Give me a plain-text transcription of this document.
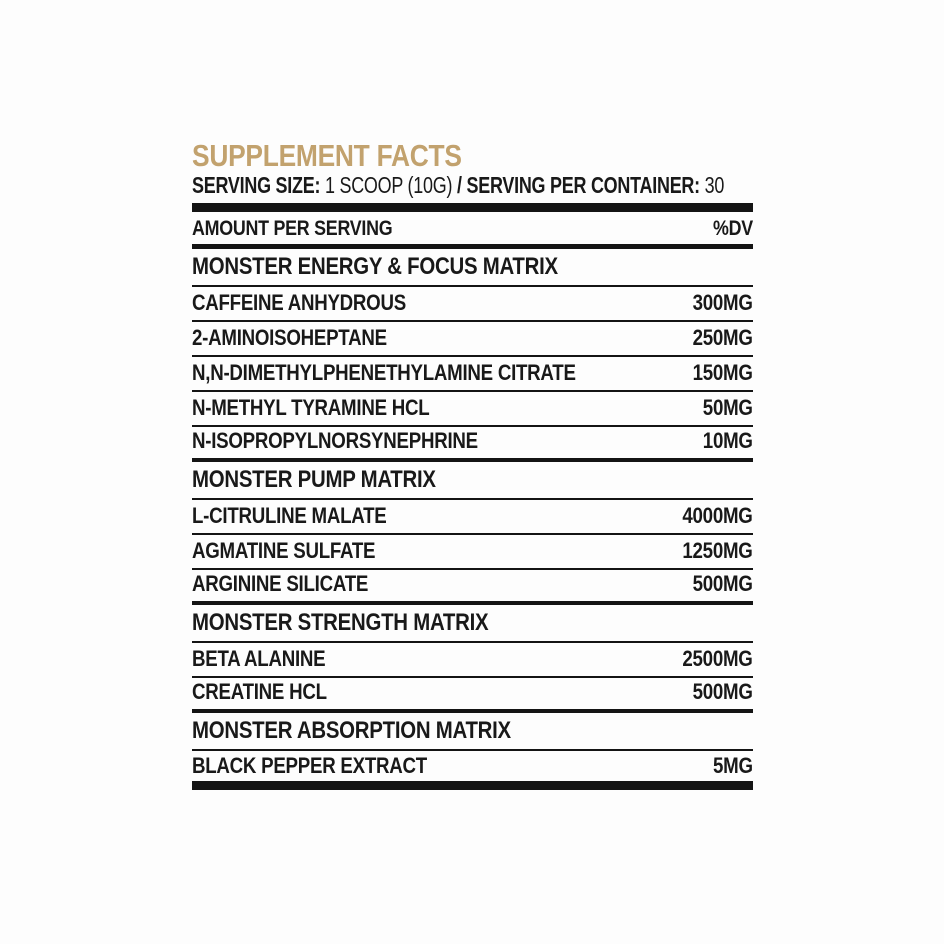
SUPPLEMENT FACTS
SERVING SIZE: 1 SCOOP (10G) / SERVING PER CONTAINER: 30
AMOUNT PER SERVING	%DV
MONSTER ENERGY & FOCUS MATRIX
CAFFEINE ANHYDROUS	300MG
2-AMINOISOHEPTANE	250MG
N,N-DIMETHYLPHENETHYLAMINE CITRATE	150MG
N-METHYL TYRAMINE HCL	50MG
N-ISOPROPYLNORSYNEPHRINE	10MG
MONSTER PUMP MATRIX
L-CITRULINE MALATE	4000MG
AGMATINE SULFATE	1250MG
ARGININE SILICATE	500MG
MONSTER STRENGTH MATRIX
BETA ALANINE	2500MG
CREATINE HCL	500MG
MONSTER ABSORPTION MATRIX
BLACK PEPPER EXTRACT	5MG
